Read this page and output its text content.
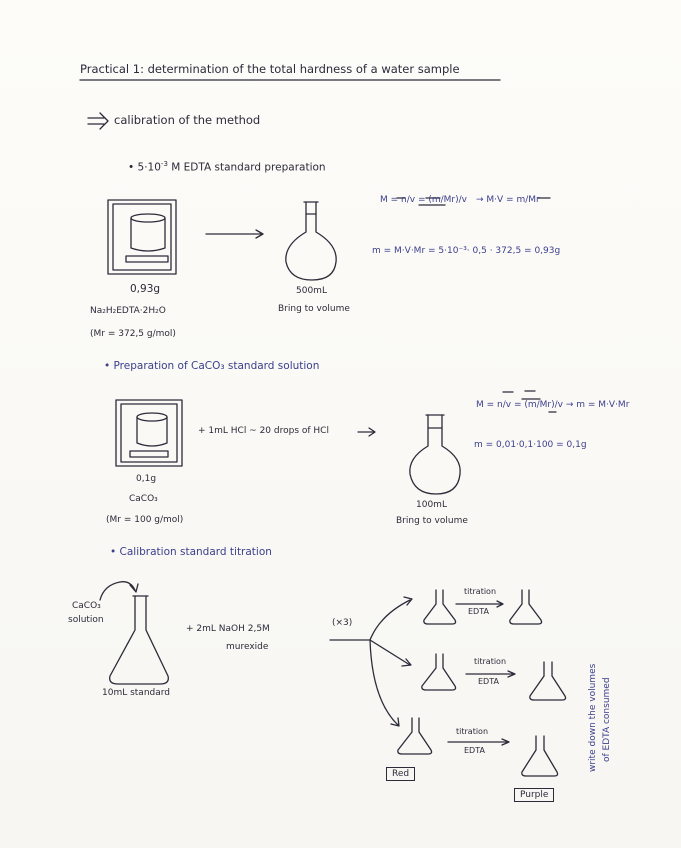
Practical 1: determination of the total hardness of a water sample
calibration of the method
• $5\cdot 10^{-3}$ M EDTA standard preparation
0,93g
Na₂H₂EDTA·2H₂O
(Mr = 372,5 g/mol)
500mL
Bring to volume
M = n/v = (m/Mr)/v → M·V = m/Mr
m = M·V·Mr = 5·10⁻³· 0,5 · 372,5 = 0,93g
• Preparation of CaCO₃ standard solution
0,1g
CaCO₃
(Mr = 100 g/mol)
+ 1mL HCl ~ 20 drops of HCl
100mL
Bring to volume
M = n/v = (m/Mr)/v → m = M·V·Mr
m = 0,01·0,1·100 = 0,1g
• Calibration standard titration
CaCO₃
solution
10mL standard
+ 2mL NaOH 2,5M
murexide
(×3)
titration
EDTA
titration
EDTA
titration
EDTA
Red
Purple
write down the volumes of EDTA consumed
